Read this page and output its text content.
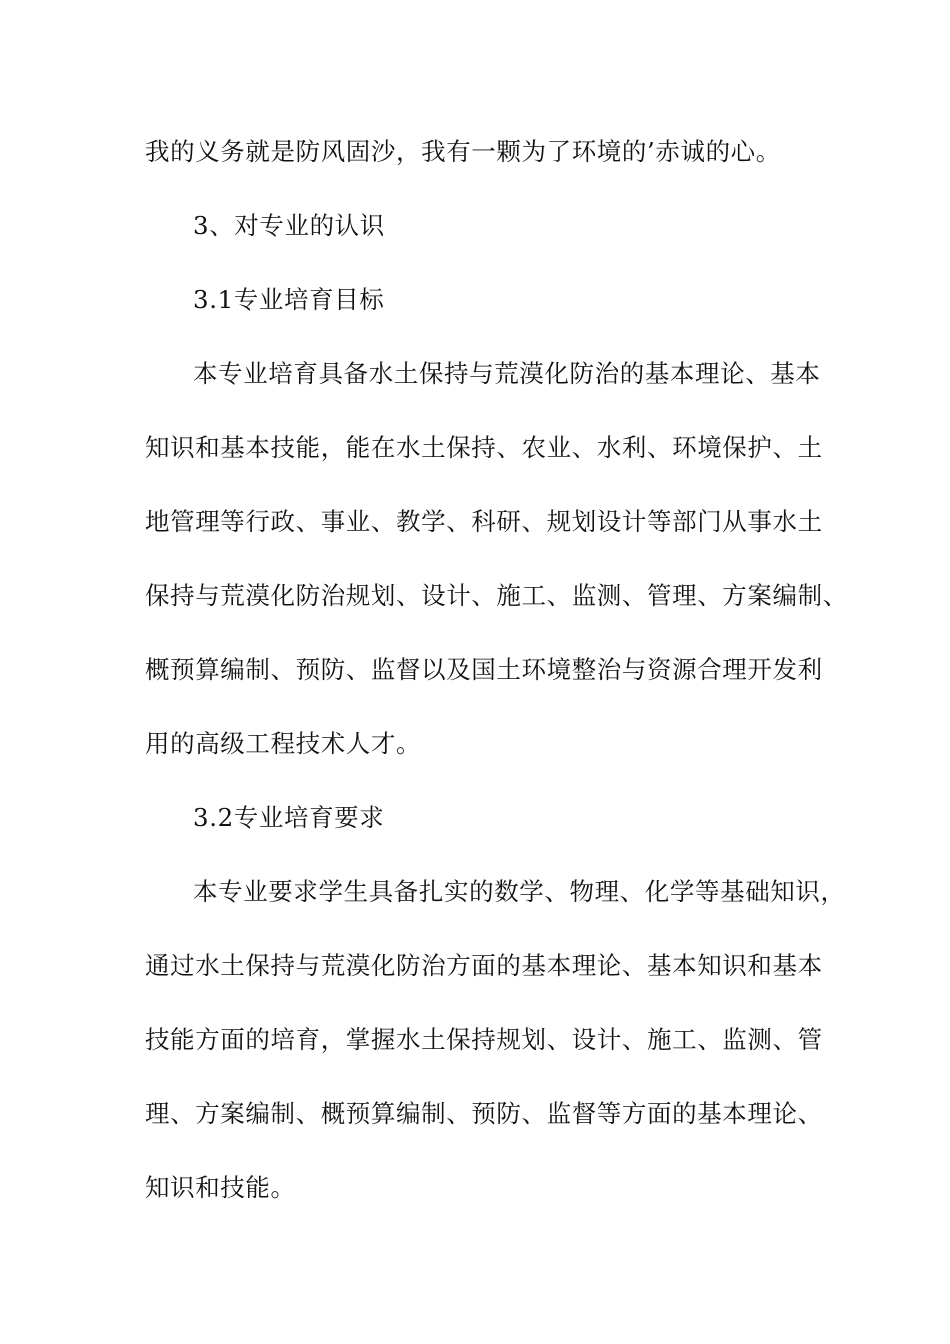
我的义务就是防风固沙，我有一颗为了环境的’赤诚的心。
3、对专业的认识
3.1专业培育目标
本专业培育具备水土保持与荒漠化防治的基本理论、基本
知识和基本技能，能在水土保持、农业、水利、环境保护、土
地管理等行政、事业、教学、科研、规划设计等部门从事水土
保持与荒漠化防治规划、设计、施工、监测、管理、方案编制、
概预算编制、预防、监督以及国土环境整治与资源合理开发利
用的高级工程技术人才。
3.2专业培育要求
本专业要求学生具备扎实的数学、物理、化学等基础知识，
通过水土保持与荒漠化防治方面的基本理论、基本知识和基本
技能方面的培育，掌握水土保持规划、设计、施工、监测、管
理、方案编制、概预算编制、预防、监督等方面的基本理论、
知识和技能。
